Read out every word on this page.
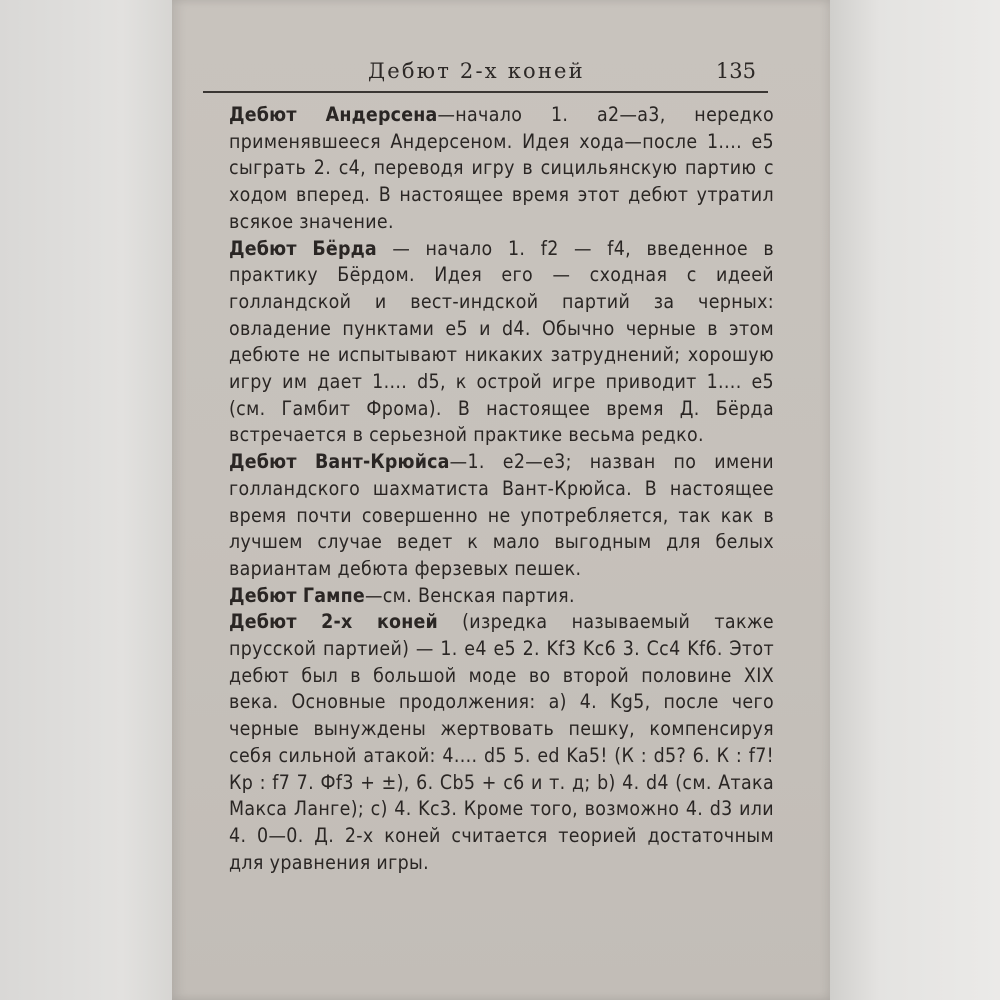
Дебют 2-х коней	135

Дебют Андерсена—начало 1. a2—a3, нередко применявшееся Андерсеном. Идея хода—после 1.... e5 сыграть 2. c4, переводя игру в сицильянскую партию с ходом вперед. В настоящее время этот дебют утратил всякое значение.

Дебют Бёрда — начало 1. f2 — f4, введенное в практику Бёрдом. Идея его — сходная с идеей голландской и вест-индской партий за черных: овладение пунктами e5 и d4. Обычно черные в этом дебюте не испытывают никаких затруднений; хорошую игру им дает 1.... d5, к острой игре приводит 1.... e5 (см. Гамбит Фрома). В настоящее время Д. Бёрда встречается в серьезной практике весьма редко.

Дебют Вант-Крюйса—1. e2—e3; назван по имени голландского шахматиста Вант-Крюйса. В настоящее время почти совершенно не употребляется, так как в лучшем случае ведет к мало выгодным для белых вариантам дебюта ферзевых пешек.

Дебют Гампе—см. Венская партия.

Дебют 2-х коней (изредка называемый также прусской партией) — 1. e4 e5 2. Kf3 Kc6 3. Cc4 Kf6. Этот дебют был в большой моде во второй половине XIX века. Основные продолжения: а) 4. Kg5, после чего черные вынуждены жертвовать пешку, компенсируя себя сильной атакой: 4.... d5 5. ed Ka5! (К : d5? 6. К : f7! Кр : f7 7. Фf3 + ±), 6. Cb5 + c6 и т. д; b) 4. d4 (см. Атака Макса Ланге); c) 4. Kc3. Кроме того, возможно 4. d3 или 4. 0—0. Д. 2-х коней считается теорией достаточным для уравнения игры.
